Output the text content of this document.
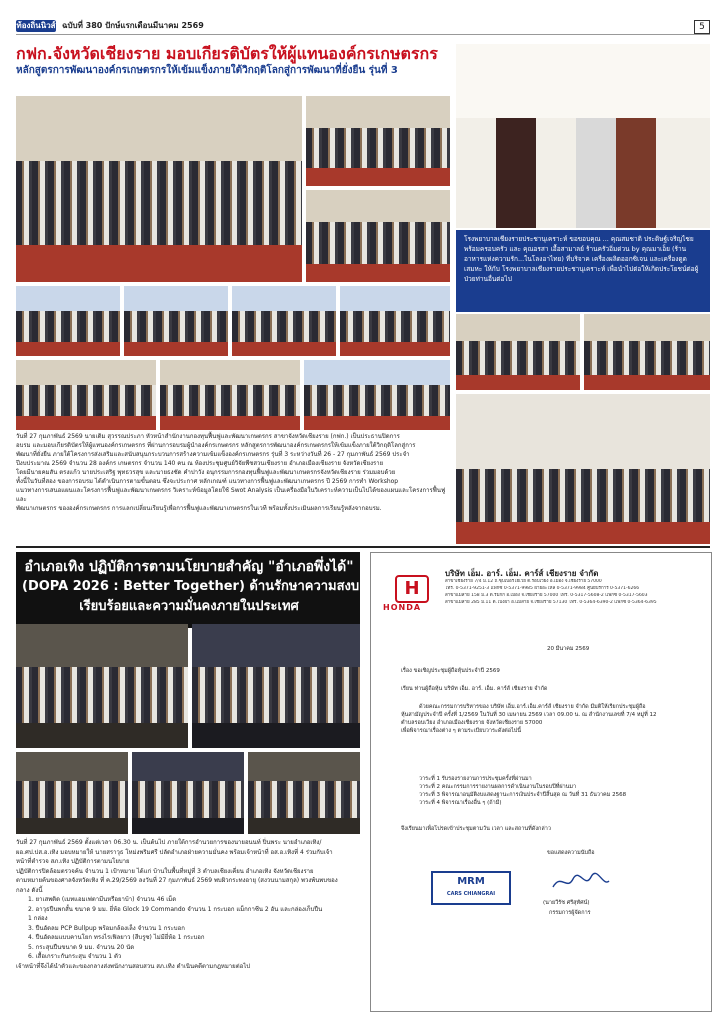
ท้องถิ่นนิวส์ ฉบับที่ 380 ปักษ์แรกเดือนมีนาคม 2569	5
กฟก.จังหวัดเชียงราย มอบเกียรติบัตรให้ผู้แทนองค์กรเกษตรกร
หลักสูตรการพัฒนาองค์กรเกษตรกรให้เข้มแข็งภายใต้วิกฤติโลกสู่การพัฒนาที่ยั่งยืน รุ่นที่ 3
โรงพยาบาลเชียงรายประชานุเคราะห์ ขอขอบคุณ ... คุณสมชาติ ประดิษฐ์เจริญไชย พร้อมครอบครัว และ คุณอรสา เอื้อสามาลย์ ร้านครัวอิ่มด่วน by คุณมาเอ็ย (ร้านอาหารแห่งความรัก...ในโลงอาไทย) ที่บริจาค เครื่องผลิตออกซิเจน และเครื่องดูดเสมหะ ให้กับ โรงพยาบาลเชียงรายประชานุเคราะห์ เพื่อนำไปต่อให้เกิดประโยชน์ต่อผู้ป่วยท่านอื่นต่อไป
วันที่ 27 กุมภาพันธ์ 2569 นายเดิม สุวรรณประภา หัวหน้าสำนักงานกองทุนฟื้นฟูและพัฒนาเกษตรกร สาขาจังหวัดเชียงราย (กฟก.) เป็นประธานปิดการ
อบรม และมอบเกียรติบัตรให้ผู้แทนองค์กรเกษตรกร ที่ผ่านการอบรมผู้นำองค์กรเกษตรกร หลักสูตรการพัฒนาองค์กรเกษตรกรให้เข้มแข็งภายใต้วิกฤติโลกสู่การ
พัฒนาที่ยั่งยืน ภายใต้โครงการส่งเสริมและสนับสนุนกระบวนการสร้างความเข้มแข็งองค์กรเกษตรกร รุ่นที่ 3 ระหว่างวันที่ 26 - 27 กุมภาพันธ์ 2569 ประจำ
ปีงบประมาณ 2569 จำนวน 28 องค์กร เกษตรกร จำนวน 140 คน ณ ห้องประชุมศูนย์วิจัยพืชสวนเชียงราย อำเภอเมืองเชียงราย จังหวัดเชียงราย
โดยมีนายคมสัน ตรงแก้ว นายประเสริฐ พุทธวรสุข และนายธงชัด คำปาวัง อนุกรรมการกองทุนฟื้นฟูและพัฒนาเกษตรกรจังหวัดเชียงราย ร่วมมอบด้วย
ทั้งนี้ในวันที่สอง ของการอบรม ได้ดำเนินการตามขั้นตอน ซึ่งจะประกาศ หลักเกณฑ์ แนวทางการฟื้นฟูและพัฒนาเกษตรกร ปี 2569 การทำ Workshop
แนวทางการเสนอแผนและโครงการฟื้นฟูและพัฒนาเกษตรกร วิเคราะห์ข้อมูลโดยใช้ Swot Analysis เป็นเครื่องมือในวิเคราะห์ความเป็นไปได้ของแผนและโครงการฟื้นฟูและ
พัฒนาเกษตรกร ขององค์กรเกษตรกร การแลกเปลี่ยนเรียนรู้เพื่อการฟื้นฟูและพัฒนาเกษตรกรในเวที พร้อมทั้งประเมินผลการเรียนรู้หลังจากอบรม.
อำเภอเทิง ปฏิบัติการตามนโยบายสำคัญ "อำเภอพึ่งได้"
(DOPA 2026 : Better Together) ด้านรักษาความสงบ
เรียบร้อยและความมั่นคงภายในประเทศ
วันที่ 27 กุมภาพันธ์ 2569 ตั้งแต่เวลา 06.30 น. เป็นต้นไป ภายใต้การอำนวยการของนายอนนท์ ปิ่นพระ นายอำเภอเทิง/
ผอ.ศป.ปส.อ.เทิง มอบหมายให้ นายสราวุธ โหม่งพริมศรี ปลัดอำเภอฝ่ายความมั่นคง พร้อมเจ้าหน้าที่ อส.อ.เทิงที่ 4 ร่วมกับเจ้า
หน้าที่ตำรวจ สภ.เทิง ปฏิบัติการตามนโยบาย
ปฏิบัติการปิดล้อมตรวจค้น จำนวน 1 เป้าหมาย ได้แก่ บ้านในพื้นที่หมู่ที่ 3 ตำบลเชียงเคี่ยน อำเภอเทิง จังหวัดเชียงราย
ตามหมายค้นของศาลจังหวัดเทิง ที่ ค.29/2569 ลงวันที่ 27 กุมภาพันธ์ 2569 พบผิวกระทงอายุ (สงวนนามสกุล) พวงพ้นพบของ
กลาง ดังนี้
1. ยาเสพติด (เมทแอมเฟตามีนหรือยาบ้า) จำนวน 46 เม็ด
2. อาวุธปืนพกสั้น ขนาด 9 มม. ยี่ห้อ Glock 19 Commando จำนวน 1 กระบอก แม็กกาซีน 2 อัน และกล่องเก็บปืน
1 กล่อง
3. ปืนอัดลม PCP Bullpup พร้อมกล้องเล็ง จำนวน 1 กระบอก
4. ปืนอัดลมแบบคานโยก ทรงไรเฟิลยาว (สีบรูซ) ไม่มียี่ห้อ 1 กระบอก
5. กระสุนปืนขนาด 9 มม. จำนวน 20 นัด
6. เสื้อเกราะกันกระสุน จำนวน 1 ตัว
เจ้าหน้าที่จึงได้นำตัวและของกลางส่งพนักงานสอบสวน สภ.เทิง ดำเนินคดีตามกฎหมายต่อไป
H
HONDA
บริษัท เอ็ม. อาร์. เอ็ม. คาร์ส์ เชียงราย จำกัด
สาขาเชียงราย 7/4 ม.12 ถ.ซุปเปอร์ไฮเวย์ ต.รอบเวียง อ.เมือง จ.เชียงราย 57000
โทร. 0-5371-9251-3 แฟกซ์ 0-5371-9985 ฝ่ายอะไหล่ 0-5371-9984 ศูนย์บริการ 0-5371-6266
สาขาแม่สาย 158 ม.3 ต.ริมกก อ.เมือง จ.เชียงราย 57000 โทร. 0-5317-5608-2 แฟกซ์ 0-5317-5603
สาขาแม่สาย 285 ม.11 ต.โป่งผา อ.แม่สาย จ.เชียงราย 57130 โทร. 0-5364-6390-2 แฟกซ์ 0-5364-6395
20 มีนาคม 2569
เรื่อง ขอเชิญประชุมผู้ถือหุ้นประจำปี 2569
เรียน ท่านผู้ถือหุ้น บริษัท เอ็ม. อาร์. เอ็ม. คาร์ส์ เชียงราย จำกัด
ด้วยคณะกรรมการบริหารของ บริษัท เอ็ม.อาร์.เอ็ม.คาร์ส์ เชียงราย จำกัด มีมติให้เรียกประชุมผู้ถือ
หุ้นสามัญประจำปี ครั้งที่ 1/2569 ในวันที่ 30 เมษายน 2569 เวลา 09.00 น. ณ สำนักงานเลขที่ 7/4 หมู่ที่ 12
ตำบลรอบเวียง อำเภอเมืองเชียงราย จังหวัดเชียงราย 57000
เพื่อพิจารณาเรื่องต่าง ๆ ตามระเบียบวาระดังต่อไปนี้
วาระที่ 1 รับรองรายงานการประชุมครั้งที่ผ่านมา
วาระที่ 2 คณะกรรมการรายงานผลการดำเนินงานในรอบปีที่ผ่านมา
วาระที่ 3 พิจารณาอนุมัติงบแสดงฐานะการเงินประจำปีสิ้นสุด ณ วันที่ 31 ธันวาคม 2568
วาระที่ 4 พิจารณาเรื่องอื่น ๆ (ถ้ามี)
จึงเรียนมาเพื่อโปรดเข้าประชุมตามวัน เวลา และสถานที่ดังกล่าว
ขอแสดงความนับถือ
MRM
CARS CHIANGRAI
(นายวีรัช ศรีสุทัศน์)
กรรมการผู้จัดการ
